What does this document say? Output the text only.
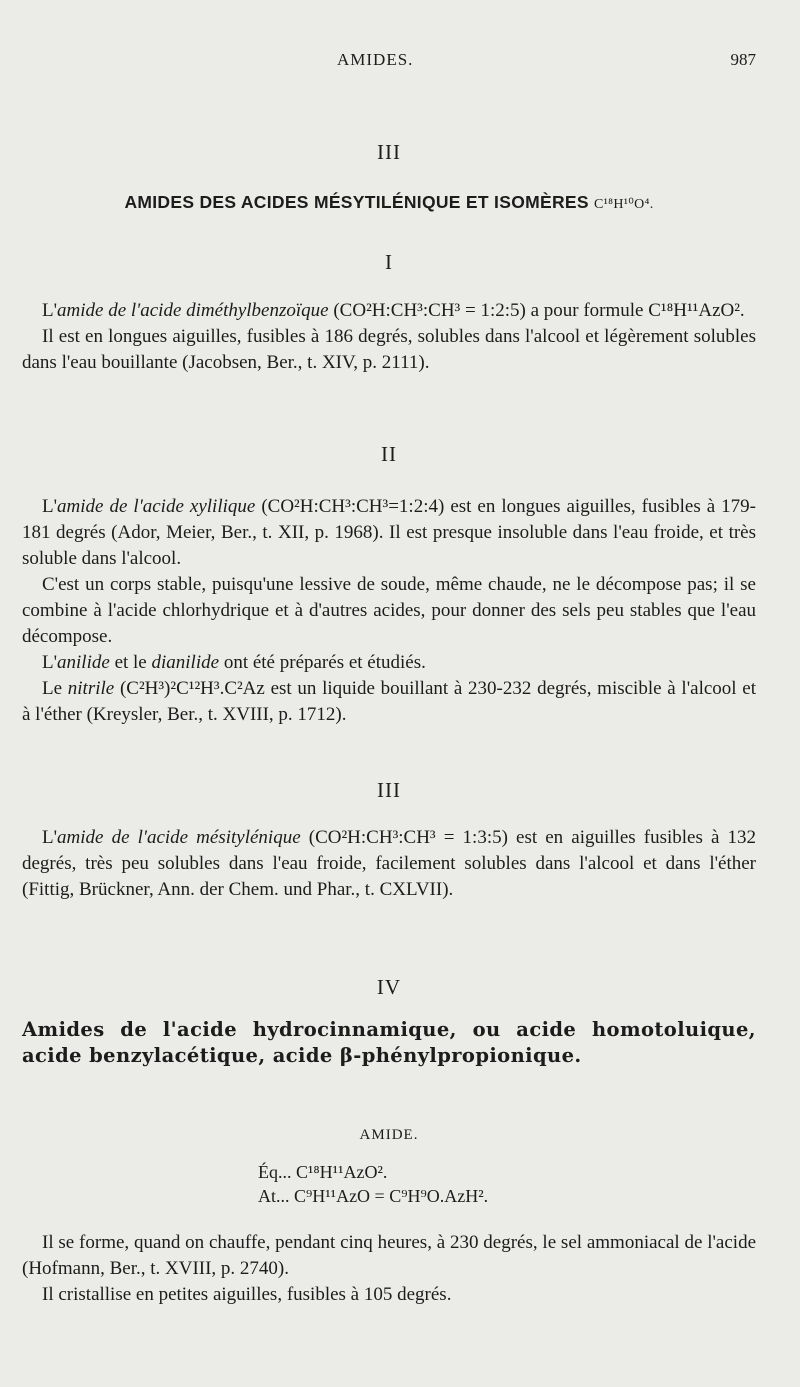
AMIDES.	987
III
AMIDES DES ACIDES MÉSYTILÉNIQUE ET ISOMÈRES C¹⁸H¹⁰O⁴.
I

L'amide de l'acide diméthylbenzoïque (CO²H:CH³:CH³ = 1:2:5) a pour formule C¹⁸H¹¹AzO².

Il est en longues aiguilles, fusibles à 186 degrés, solubles dans l'alcool et légèrement solubles dans l'eau bouillante (Jacobsen, Ber., t. XIV, p. 2111).

II

L'amide de l'acide xylilique (CO²H:CH³:CH³=1:2:4) est en longues aiguilles, fusibles à 179-181 degrés (Ador, Meier, Ber., t. XII, p. 1968). Il est presque insoluble dans l'eau froide, et très soluble dans l'alcool.

C'est un corps stable, puisqu'une lessive de soude, même chaude, ne le décompose pas; il se combine à l'acide chlorhydrique et à d'autres acides, pour donner des sels peu stables que l'eau décompose.

L'anilide et le dianilide ont été préparés et étudiés.

Le nitrile (C²H³)²C¹²H³.C²Az est un liquide bouillant à 230-232 degrés, miscible à l'alcool et à l'éther (Kreysler, Ber., t. XVIII, p. 1712).

III

L'amide de l'acide mésitylénique (CO²H:CH³:CH³ = 1:3:5) est en aiguilles fusibles à 132 degrés, très peu solubles dans l'eau froide, facilement solubles dans l'alcool et dans l'éther (Fittig, Brückner, Ann. der Chem. und Phar., t. CXLVII).

IV
Amides de l'acide hydrocinnamique, ou acide homotoluique, acide benzylacétique, acide β-phénylpropionique.
AMIDE.
Éq... C¹⁸H¹¹AzO².
At... C⁹H¹¹AzO = C⁹H⁹O.AzH².

Il se forme, quand on chauffe, pendant cinq heures, à 230 degrés, le sel ammoniacal de l'acide (Hofmann, Ber., t. XVIII, p. 2740).

Il cristallise en petites aiguilles, fusibles à 105 degrés.
